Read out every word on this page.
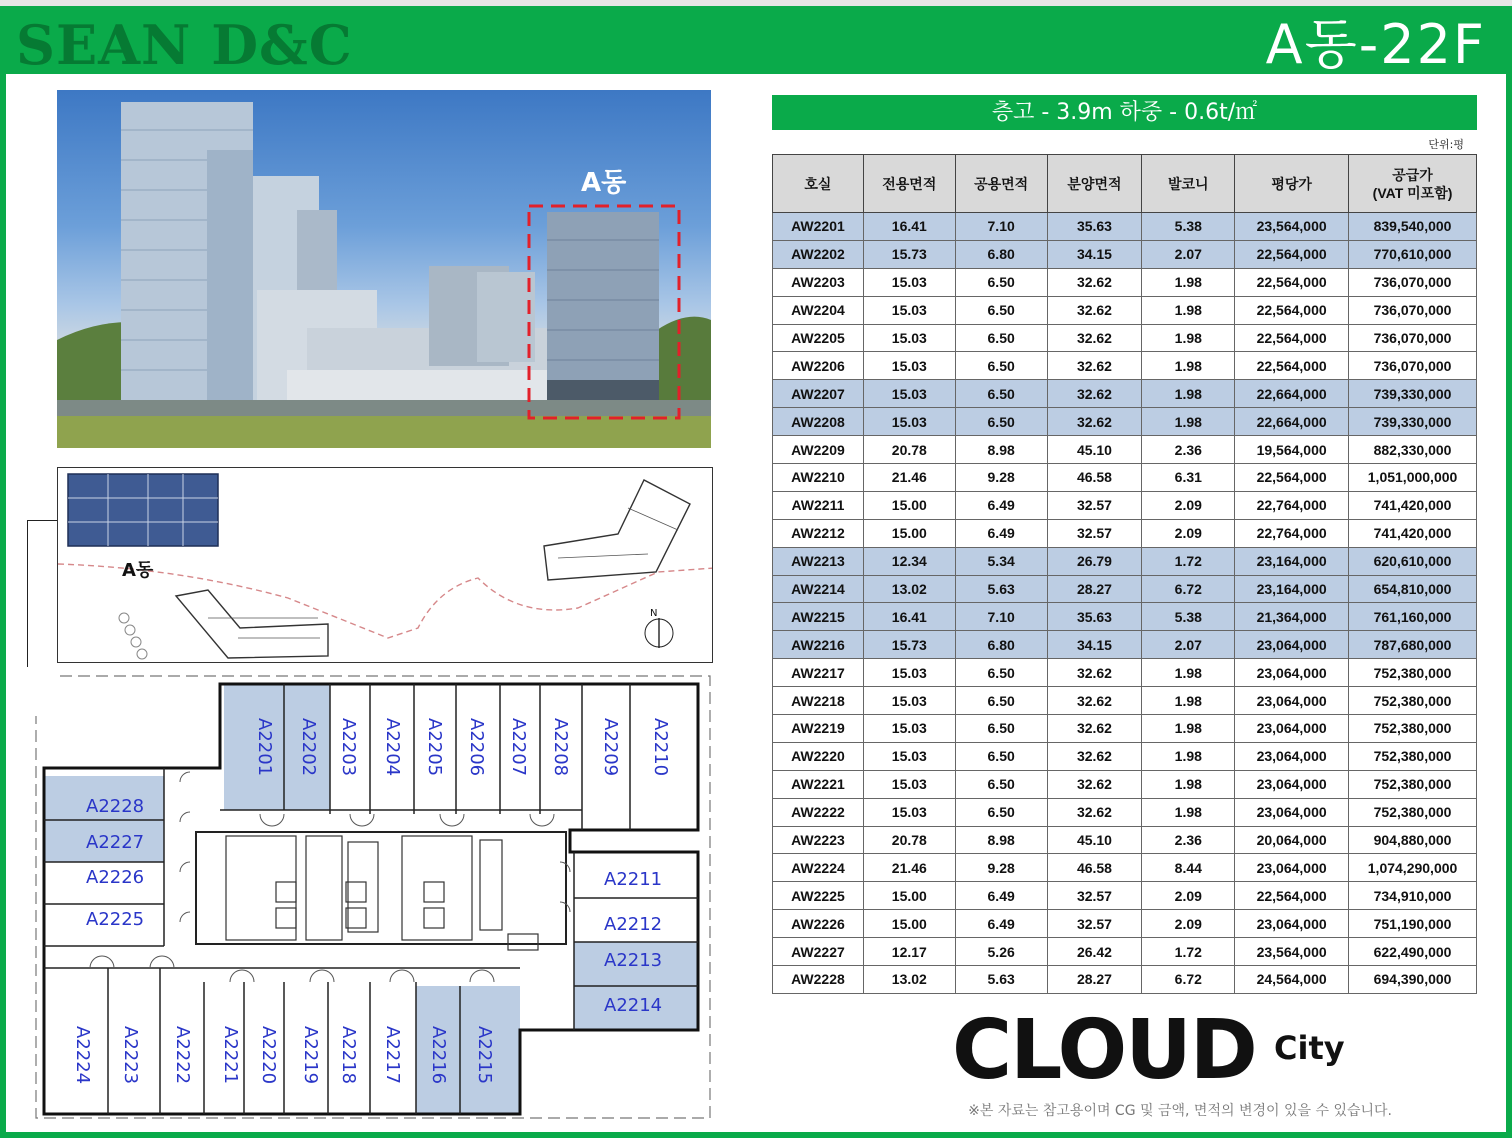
SEAN D&C	A동-22F
A동
A동
N
A2201 A2202 A2203 A2204 A2205 A2206 A2207 A2208 A2209 A2210
A2228
A2227
A2226
A2225
A2211
A2212
A2213
A2214
A2224 A2223 A2222 A2221 A2220 A2219 A2218 A2217 A2216 A2215
층고 - 3.9m 하중 - 0.6t/㎡
단위:평
호실	전용면적	공용면적	분양면적	발코니	평당가	공급가
(VAT 미포함)
AW2201	16.41	7.10	35.63	5.38	23,564,000	839,540,000
AW2202	15.73	6.80	34.15	2.07	22,564,000	770,610,000
AW2203	15.03	6.50	32.62	1.98	22,564,000	736,070,000
AW2204	15.03	6.50	32.62	1.98	22,564,000	736,070,000
AW2205	15.03	6.50	32.62	1.98	22,564,000	736,070,000
AW2206	15.03	6.50	32.62	1.98	22,564,000	736,070,000
AW2207	15.03	6.50	32.62	1.98	22,664,000	739,330,000
AW2208	15.03	6.50	32.62	1.98	22,664,000	739,330,000
AW2209	20.78	8.98	45.10	2.36	19,564,000	882,330,000
AW2210	21.46	9.28	46.58	6.31	22,564,000	1,051,000,000
AW2211	15.00	6.49	32.57	2.09	22,764,000	741,420,000
AW2212	15.00	6.49	32.57	2.09	22,764,000	741,420,000
AW2213	12.34	5.34	26.79	1.72	23,164,000	620,610,000
AW2214	13.02	5.63	28.27	6.72	23,164,000	654,810,000
AW2215	16.41	7.10	35.63	5.38	21,364,000	761,160,000
AW2216	15.73	6.80	34.15	2.07	23,064,000	787,680,000
AW2217	15.03	6.50	32.62	1.98	23,064,000	752,380,000
AW2218	15.03	6.50	32.62	1.98	23,064,000	752,380,000
AW2219	15.03	6.50	32.62	1.98	23,064,000	752,380,000
AW2220	15.03	6.50	32.62	1.98	23,064,000	752,380,000
AW2221	15.03	6.50	32.62	1.98	23,064,000	752,380,000
AW2222	15.03	6.50	32.62	1.98	23,064,000	752,380,000
AW2223	20.78	8.98	45.10	2.36	20,064,000	904,880,000
AW2224	21.46	9.28	46.58	8.44	23,064,000	1,074,290,000
AW2225	15.00	6.49	32.57	2.09	22,564,000	734,910,000
AW2226	15.00	6.49	32.57	2.09	23,064,000	751,190,000
AW2227	12.17	5.26	26.42	1.72	23,564,000	622,490,000
AW2228	13.02	5.63	28.27	6.72	24,564,000	694,390,000
CLOUD City
※본 자료는 참고용이며 CG 및 금액, 면적의 변경이 있을 수 있습니다.
